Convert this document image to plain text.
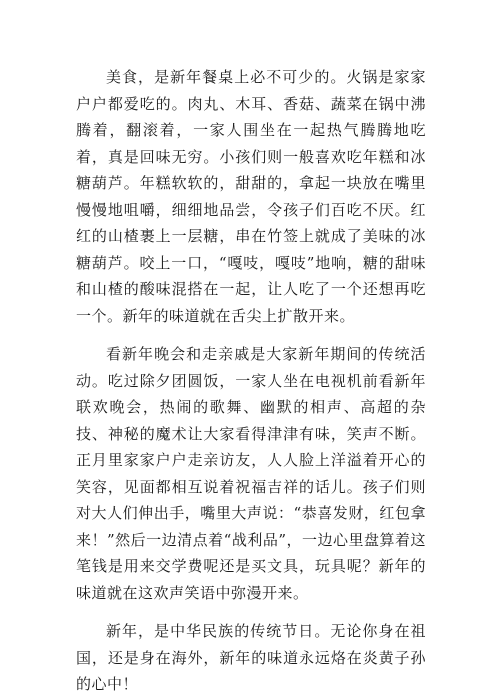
美食，是新年餐桌上必不可少的。火锅是家家户户都爱吃的。肉丸、木耳、香菇、蔬菜在锅中沸腾着，翻滚着，一家人围坐在一起热气腾腾地吃着，真是回味无穷。小孩们则一般喜欢吃年糕和冰糖葫芦。年糕软软的，甜甜的，拿起一块放在嘴里慢慢地咀嚼，细细地品尝，令孩子们百吃不厌。红红的山楂裹上一层糖，串在竹签上就成了美味的冰糖葫芦。咬上一口，“嘎吱，嘎吱”地响，糖的甜味和山楂的酸味混搭在一起，让人吃了一个还想再吃一个。新年的味道就在舌尖上扩散开来。

看新年晚会和走亲戚是大家新年期间的传统活动。吃过除夕团圆饭，一家人坐在电视机前看新年联欢晚会，热闹的歌舞、幽默的相声、高超的杂技、神秘的魔术让大家看得津津有味，笑声不断。正月里家家户户走亲访友，人人脸上洋溢着开心的笑容，见面都相互说着祝福吉祥的话儿。孩子们则对大人们伸出手，嘴里大声说：“恭喜发财，红包拿来！”然后一边清点着“战利品”，一边心里盘算着这笔钱是用来交学费呢还是买文具，玩具呢？新年的味道就在这欢声笑语中弥漫开来。

新年，是中华民族的传统节日。无论你身在祖国，还是身在海外，新年的味道永远烙在炎黄子孙的心中！
